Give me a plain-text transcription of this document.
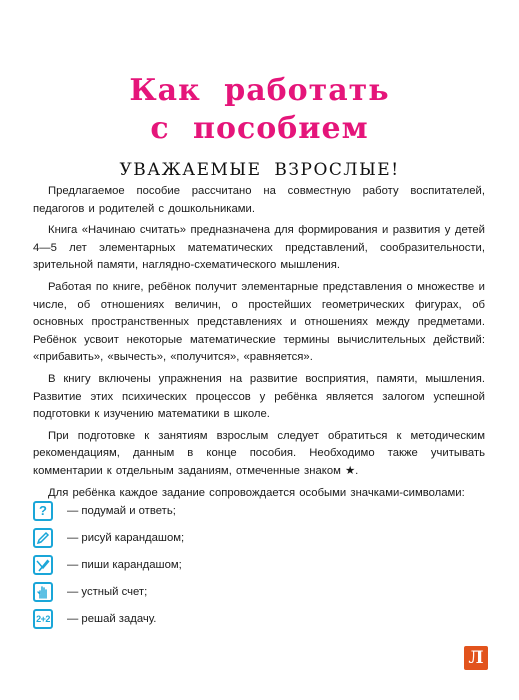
Как работать
с пособием
УВАЖАЕМЫЕ ВЗРОСЛЫЕ!

Предлагаемое пособие рассчитано на совместную работу воспитателей, педагогов и родителей с дошкольниками.

Книга «Начинаю считать» предназначена для формирования и развития у детей 4—5 лет элементарных математических представлений, сообразительности, зрительной памяти, наглядно-схематического мышления.

Работая по книге, ребёнок получит элементарные представления о множестве и числе, об отношениях величин, о простейших геометрических фигурах, об основных пространственных представлениях и отношениях между предметами. Ребёнок усвоит некоторые математические термины вычислительных действий: «прибавить», «вычесть», «получится», «равняется».

В книгу включены упражнения на развитие восприятия, памяти, мышления. Развитие этих психических процессов у ребёнка является залогом успешной подготовки к изучению математики в школе.

При подготовке к занятиям взрослым следует обратиться к методическим рекомендациям, данным в конце пособия. Необходимо также учитывать комментарии к отдельным заданиям, отмеченные знаком ★.

Для ребёнка каждое задание сопровождается особыми значками-символами:

?	— подумай и ответь;
— рисуй карандашом;
— пиши карандашом;
— устный счет;
2+2 — решай задачу.
Л
